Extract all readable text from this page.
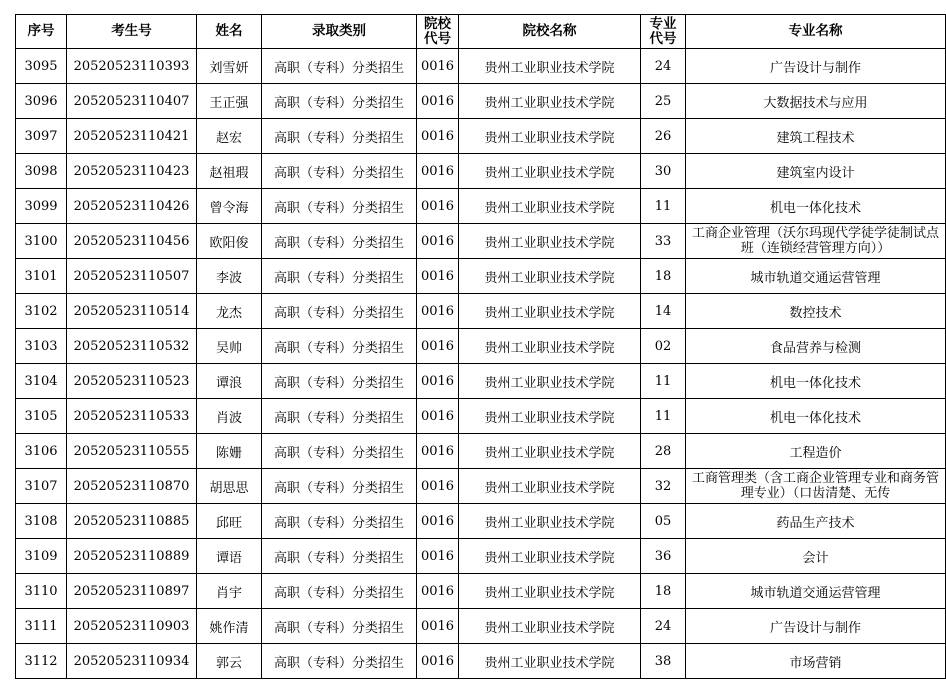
序号	考生号	姓名	录取类别	院校代号	院校名称	专业代号	专业名称
3095	20520523110393	刘雪妍	高职（专科）分类招生	0016	贵州工业职业技术学院	24	广告设计与制作
3096	20520523110407	王正强	高职（专科）分类招生	0016	贵州工业职业技术学院	25	大数据技术与应用
3097	20520523110421	赵宏	高职（专科）分类招生	0016	贵州工业职业技术学院	26	建筑工程技术
3098	20520523110423	赵祖瑕	高职（专科）分类招生	0016	贵州工业职业技术学院	30	建筑室内设计
3099	20520523110426	曾令海	高职（专科）分类招生	0016	贵州工业职业技术学院	11	机电一体化技术
3100	20520523110456	欧阳俊	高职（专科）分类招生	0016	贵州工业职业技术学院	33	工商企业管理（沃尔玛现代学徒学徒制试点班（连锁经营管理方向））
3101	20520523110507	李波	高职（专科）分类招生	0016	贵州工业职业技术学院	18	城市轨道交通运营管理
3102	20520523110514	龙杰	高职（专科）分类招生	0016	贵州工业职业技术学院	14	数控技术
3103	20520523110532	吴帅	高职（专科）分类招生	0016	贵州工业职业技术学院	02	食品营养与检测
3104	20520523110523	谭浪	高职（专科）分类招生	0016	贵州工业职业技术学院	11	机电一体化技术
3105	20520523110533	肖波	高职（专科）分类招生	0016	贵州工业职业技术学院	11	机电一体化技术
3106	20520523110555	陈姗	高职（专科）分类招生	0016	贵州工业职业技术学院	28	工程造价
3107	20520523110870	胡思思	高职（专科）分类招生	0016	贵州工业职业技术学院	32	工商管理类（含工商企业管理专业和商务管理专业）（口齿清楚、无传
3108	20520523110885	邱旺	高职（专科）分类招生	0016	贵州工业职业技术学院	05	药品生产技术
3109	20520523110889	谭语	高职（专科）分类招生	0016	贵州工业职业技术学院	36	会计
3110	20520523110897	肖宇	高职（专科）分类招生	0016	贵州工业职业技术学院	18	城市轨道交通运营管理
3111	20520523110903	姚作清	高职（专科）分类招生	0016	贵州工业职业技术学院	24	广告设计与制作
3112	20520523110934	郭云	高职（专科）分类招生	0016	贵州工业职业技术学院	38	市场营销
